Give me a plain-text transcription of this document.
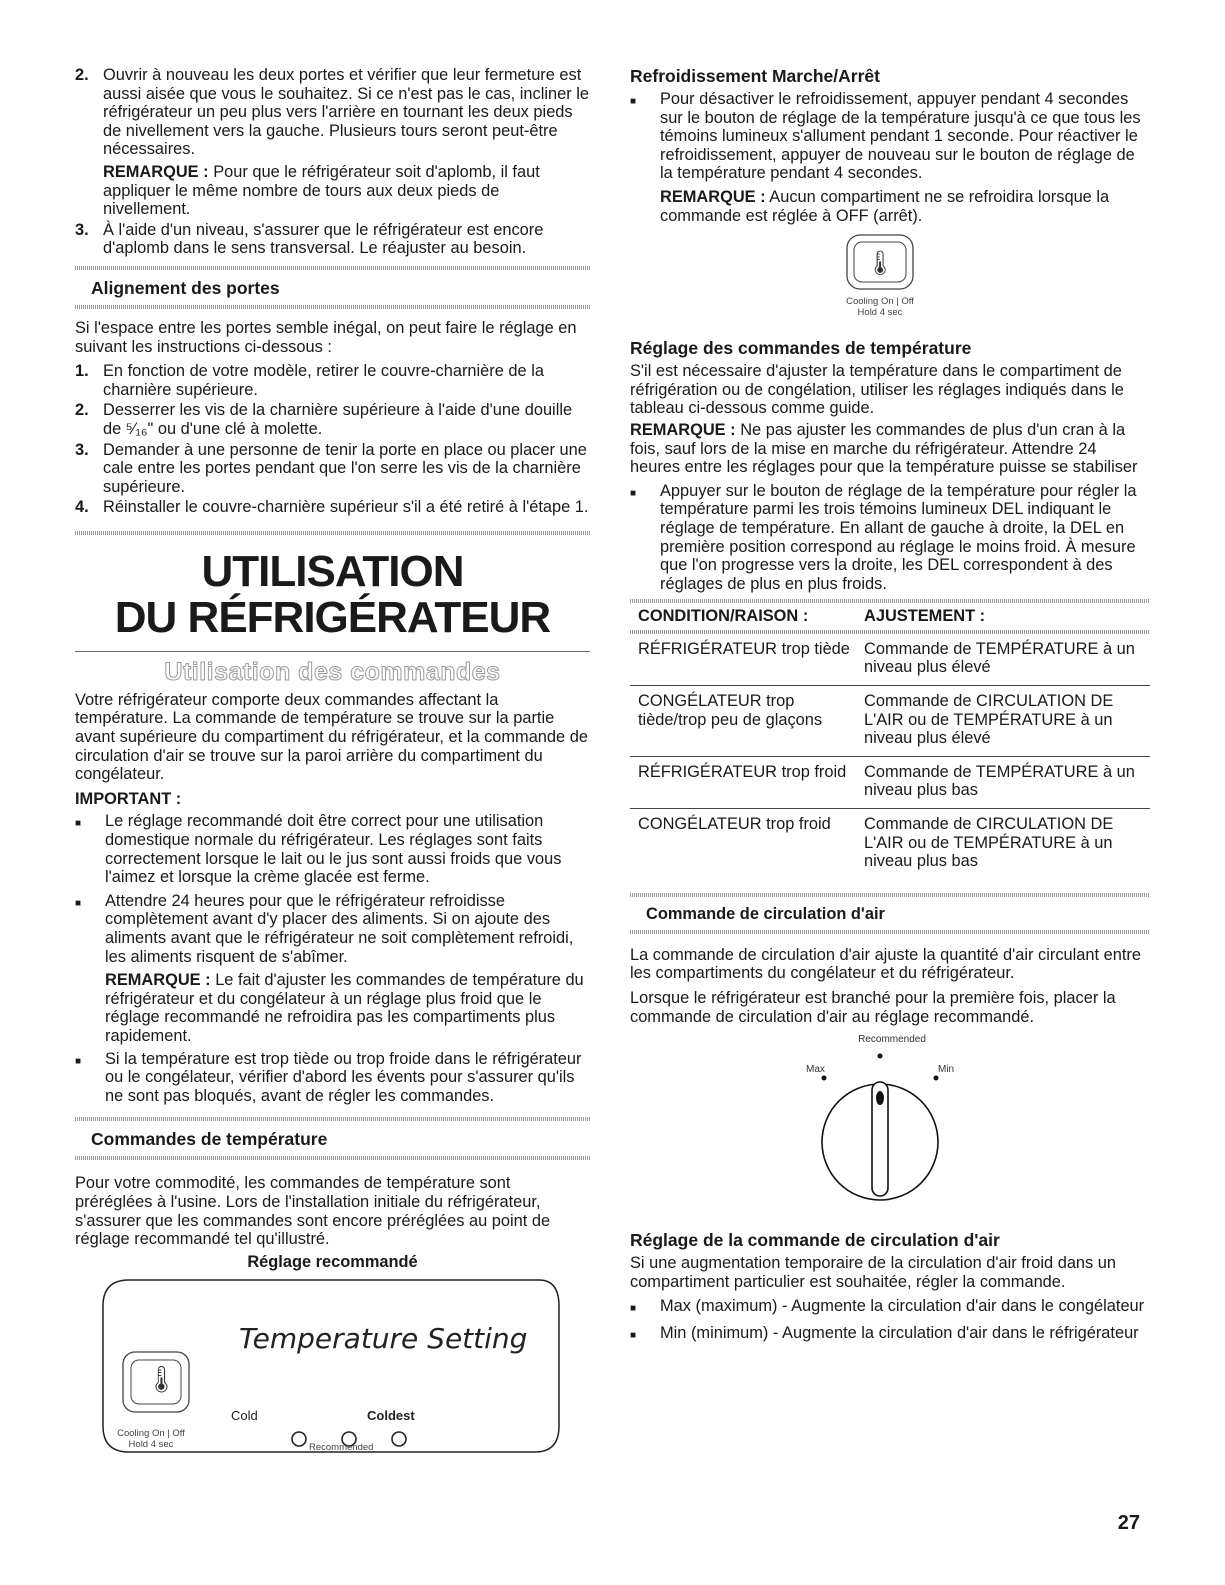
2. Ouvrir à nouveau les deux portes et vérifier que leur fermeture est aussi aisée que vous le souhaitez. Si ce n'est pas le cas, incliner le réfrigérateur un peu plus vers l'arrière en tournant les deux pieds de nivellement vers la gauche. Plusieurs tours seront peut-être nécessaires.

REMARQUE : Pour que le réfrigérateur soit d'aplomb, il faut appliquer le même nombre de tours aux deux pieds de nivellement.

3. À l'aide d'un niveau, s'assurer que le réfrigérateur est encore d'aplomb dans le sens transversal. Le réajuster au besoin.
Alignement des portes

Si l'espace entre les portes semble inégal, on peut faire le réglage en suivant les instructions ci-dessous :

1. En fonction de votre modèle, retirer le couvre-charnière de la charnière supérieure.
2. Desserrer les vis de la charnière supérieure à l'aide d'une douille de ⁵⁄₁₆" ou d'une clé à molette.
3. Demander à une personne de tenir la porte en place ou placer une cale entre les portes pendant que l'on serre les vis de la charnière supérieure.
4. Réinstaller le couvre-charnière supérieur s'il a été retiré à l'étape 1.
UTILISATION
DU RÉFRIGÉRATEUR
Utilisation des commandes

Votre réfrigérateur comporte deux commandes affectant la température. La commande de température se trouve sur la partie avant supérieure du compartiment du réfrigérateur, et la commande de circulation d'air se trouve sur la paroi arrière du compartiment du congélateur.

IMPORTANT :

■	Le réglage recommandé doit être correct pour une utilisation domestique normale du réfrigérateur. Les réglages sont faits correctement lorsque le lait ou le jus sont aussi froids que vous l'aimez et lorsque la crème glacée est ferme.
■	Attendre 24 heures pour que le réfrigérateur refroidisse complètement avant d'y placer des aliments. Si on ajoute des aliments avant que le réfrigérateur ne soit complètement refroidi, les aliments risquent de s'abîmer.

REMARQUE : Le fait d'ajuster les commandes de température du réfrigérateur et du congélateur à un réglage plus froid que le réglage recommandé ne refroidira pas les compartiments plus rapidement.

■	Si la température est trop tiède ou trop froide dans le réfrigérateur ou le congélateur, vérifier d'abord les évents pour s'assurer qu'ils ne sont pas bloqués, avant de régler les commandes.
Commandes de température

Pour votre commodité, les commandes de température sont préréglées à l'usine. Lors de l'installation initiale du réfrigérateur, s'assurer que les commandes sont encore préréglées au point de réglage recommandé tel qu'illustré.

Réglage recommandé
🌡
Temperature Setting
Cold	Coldest
Cooling On | Off
Hold 4 sec	Recommended
Refroidissement Marche/Arrêt
■	Pour désactiver le refroidissement, appuyer pendant 4 secondes sur le bouton de réglage de la température jusqu'à ce que tous les témoins lumineux s'allument pendant 1 seconde. Pour réactiver le refroidissement, appuyer de nouveau sur le bouton de réglage de la température pendant 4 secondes.

REMARQUE : Aucun compartiment ne se refroidira lorsque la commande est réglée à OFF (arrêt).

🌡
Cooling On | Off
Hold 4 sec
Réglage des commandes de température

S'il est nécessaire d'ajuster la température dans le compartiment de réfrigération ou de congélation, utiliser les réglages indiqués dans le tableau ci-dessous comme guide.

REMARQUE : Ne pas ajuster les commandes de plus d'un cran à la fois, sauf lors de la mise en marche du réfrigérateur. Attendre 24 heures entre les réglages pour que la température puisse se stabiliser

■	Appuyer sur le bouton de réglage de la température pour régler la température parmi les trois témoins lumineux DEL indiquant le réglage de température. En allant de gauche à droite, la DEL en première position correspond au réglage le moins froid. À mesure que l'on progresse vers la droite, les DEL correspondent à des réglages de plus en plus froids.
CONDITION/RAISON :	AJUSTEMENT :

RÉFRIGÉRATEUR trop tiède	Commande de TEMPÉRATURE à un niveau plus élevé
CONGÉLATEUR trop tiède/trop peu de glaçons	Commande de CIRCULATION DE L'AIR ou de TEMPÉRATURE à un niveau plus élevé
RÉFRIGÉRATEUR trop froid	Commande de TEMPÉRATURE à un niveau plus bas
CONGÉLATEUR trop froid	Commande de CIRCULATION DE L'AIR ou de TEMPÉRATURE à un niveau plus bas
Commande de circulation d'air

La commande de circulation d'air ajuste la quantité d'air circulant entre les compartiments du congélateur et du réfrigérateur.

Lorsque le réfrigérateur est branché pour la première fois, placer la commande de circulation d'air au réglage recommandé.

Recommended
Max	Min
Réglage de la commande de circulation d'air

Si une augmentation temporaire de la circulation d'air froid dans un compartiment particulier est souhaitée, régler la commande.

■	Max (maximum) - Augmente la circulation d'air dans le congélateur
■	Min (minimum) - Augmente la circulation d'air dans le réfrigérateur
27
